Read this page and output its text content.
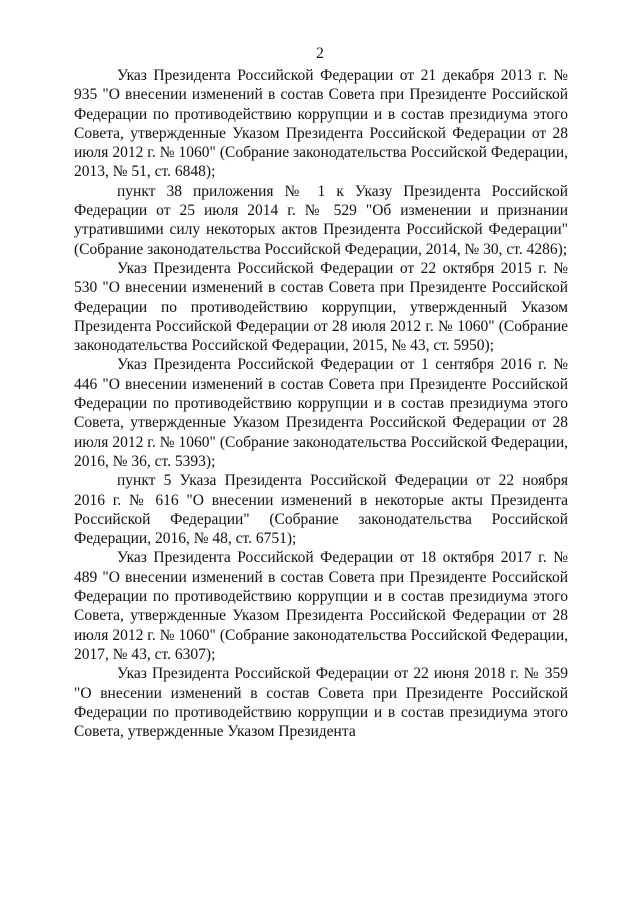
2

Указ Президента Российской Федерации от 21 декабря 2013 г. № 935 "О внесении изменений в состав Совета при Президенте Российской Федерации по противодействию коррупции и в состав президиума этого Совета, утвержденные Указом Президента Российской Федерации от 28 июля 2012 г. № 1060" (Собрание законодательства Российской Федерации, 2013, № 51, ст. 6848);

пункт 38 приложения № 1 к Указу Президента Российской Федерации от 25 июля 2014 г. № 529 "Об изменении и признании утратившими силу некоторых актов Президента Российской Федерации" (Собрание законодательства Российской Федерации, 2014, № 30, ст. 4286);

Указ Президента Российской Федерации от 22 октября 2015 г. № 530 "О внесении изменений в состав Совета при Президенте Российской Федерации по противодействию коррупции, утвержденный Указом Президента Российской Федерации от 28 июля 2012 г. № 1060" (Собрание законодательства Российской Федерации, 2015, № 43, ст. 5950);

Указ Президента Российской Федерации от 1 сентября 2016 г. № 446 "О внесении изменений в состав Совета при Президенте Российской Федерации по противодействию коррупции и в состав президиума этого Совета, утвержденные Указом Президента Российской Федерации от 28 июля 2012 г. № 1060" (Собрание законодательства Российской Федерации, 2016, № 36, ст. 5393);

пункт 5 Указа Президента Российской Федерации от 22 ноября 2016 г. № 616 "О внесении изменений в некоторые акты Президента Российской Федерации" (Собрание законодательства Российской Федерации, 2016, № 48, ст. 6751);

Указ Президента Российской Федерации от 18 октября 2017 г. № 489 "О внесении изменений в состав Совета при Президенте Российской Федерации по противодействию коррупции и в состав президиума этого Совета, утвержденные Указом Президента Российской Федерации от 28 июля 2012 г. № 1060" (Собрание законодательства Российской Федерации, 2017, № 43, ст. 6307);

Указ Президента Российской Федерации от 22 июня 2018 г. № 359 "О внесении изменений в состав Совета при Президенте Российской Федерации по противодействию коррупции и в состав президиума этого Совета, утвержденные Указом Президента
